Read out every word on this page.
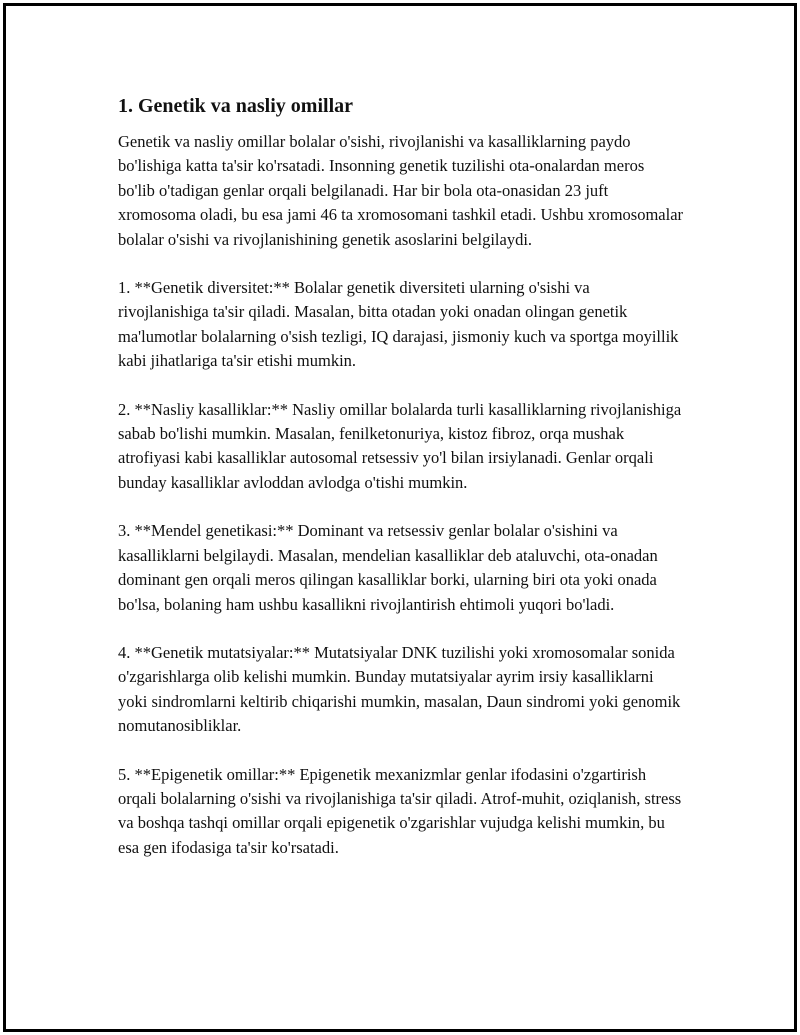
1. Genetik va nasliy omillar

Genetik va nasliy omillar bolalar o'sishi, rivojlanishi va kasalliklarning paydo bo'lishiga katta ta'sir ko'rsatadi. Insonning genetik tuzilishi ota-onalardan meros bo'lib o'tadigan genlar orqali belgilanadi. Har bir bola ota-onasidan 23 juft xromosoma oladi, bu esa jami 46 ta xromosomani tashkil etadi. Ushbu xromosomalar bolalar o'sishi va rivojlanishining genetik asoslarini belgilaydi.

1. **Genetik diversitet:** Bolalar genetik diversiteti ularning o'sishi va rivojlanishiga ta'sir qiladi. Masalan, bitta otadan yoki onadan olingan genetik ma'lumotlar bolalarning o'sish tezligi, IQ darajasi, jismoniy kuch va sportga moyillik kabi jihatlariga ta'sir etishi mumkin.

2. **Nasliy kasalliklar:** Nasliy omillar bolalarda turli kasalliklarning rivojlanishiga sabab bo'lishi mumkin. Masalan, fenilketonuriya, kistoz fibroz, orqa mushak atrofiyasi kabi kasalliklar autosomal retsessiv yo'l bilan irsiylanadi. Genlar orqali bunday kasalliklar avloddan avlodga o'tishi mumkin.

3. **Mendel genetikasi:** Dominant va retsessiv genlar bolalar o'sishini va kasalliklarni belgilaydi. Masalan, mendelian kasalliklar deb ataluvchi, ota-onadan dominant gen orqali meros qilingan kasalliklar borki, ularning biri ota yoki onada bo'lsa, bolaning ham ushbu kasallikni rivojlantirish ehtimoli yuqori bo'ladi.

4. **Genetik mutatsiyalar:** Mutatsiyalar DNK tuzilishi yoki xromosomalar sonida o'zgarishlarga olib kelishi mumkin. Bunday mutatsiyalar ayrim irsiy kasalliklarni yoki sindromlarni keltirib chiqarishi mumkin, masalan, Daun sindromi yoki genomik nomutanosibliklar.

5. **Epigenetik omillar:** Epigenetik mexanizmlar genlar ifodasini o'zgartirish orqali bolalarning o'sishi va rivojlanishiga ta'sir qiladi. Atrof-muhit, oziqlanish, stress va boshqa tashqi omillar orqali epigenetik o'zgarishlar vujudga kelishi mumkin, bu esa gen ifodasiga ta'sir ko'rsatadi.
